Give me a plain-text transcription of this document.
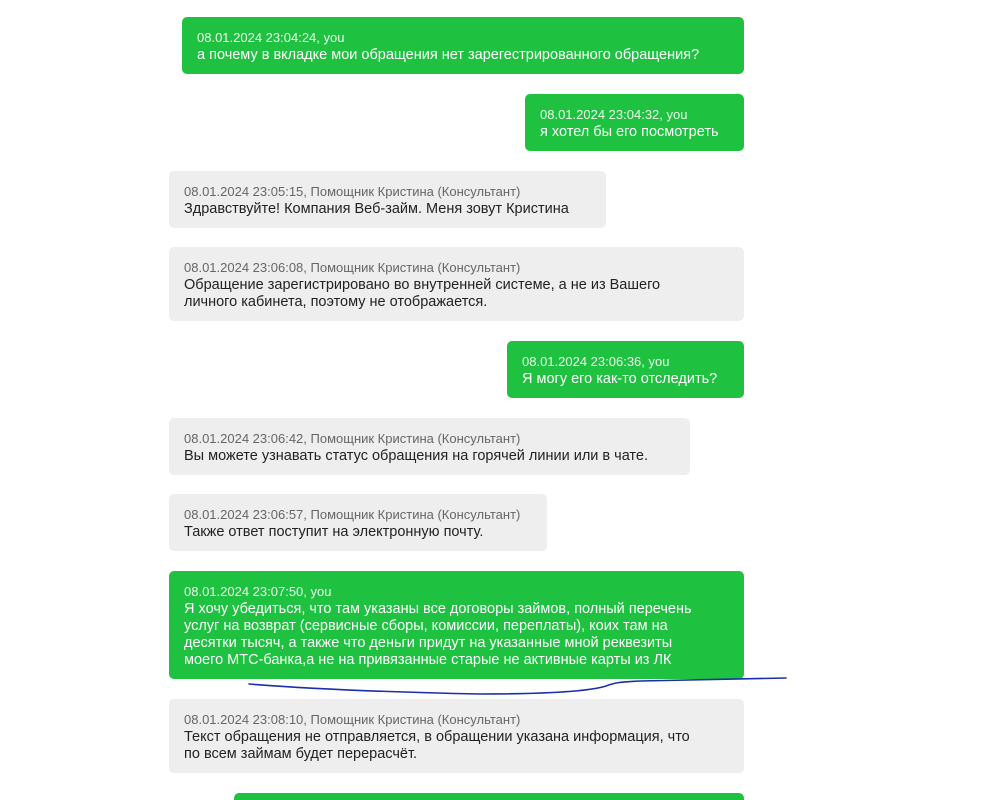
08.01.2024 23:04:24, you
а почему в вкладке мои обращения нет зарегестрированного обращения?
08.01.2024 23:04:32, you
я хотел бы его посмотреть
08.01.2024 23:05:15, Помощник Кристина (Консультант)
Здравствуйте! Компания Веб-займ. Меня зовут Кристина
08.01.2024 23:06:08, Помощник Кристина (Консультант)
Обращение зарегистрировано во внутренней системе, а не из Вашего
личного кабинета, поэтому не отображается.
08.01.2024 23:06:36, you
Я могу его как-то отследить?
08.01.2024 23:06:42, Помощник Кристина (Консультант)
Вы можете узнавать статус обращения на горячей линии или в чате.
08.01.2024 23:06:57, Помощник Кристина (Консультант)
Также ответ поступит на электронную почту.
08.01.2024 23:07:50, you
Я хочу убедиться, что там указаны все договоры займов, полный перечень
услуг на возврат (сервисные сборы, комиссии, переплаты), коих там на
десятки тысяч, а также что деньги придут на указанные мной реквезиты
моего МТС-банка,а не на привязанные старые не активные карты из ЛК
08.01.2024 23:08:10, Помощник Кристина (Консультант)
Текст обращения не отправляется, в обращении указана информация, что
по всем займам будет перерасчёт.
